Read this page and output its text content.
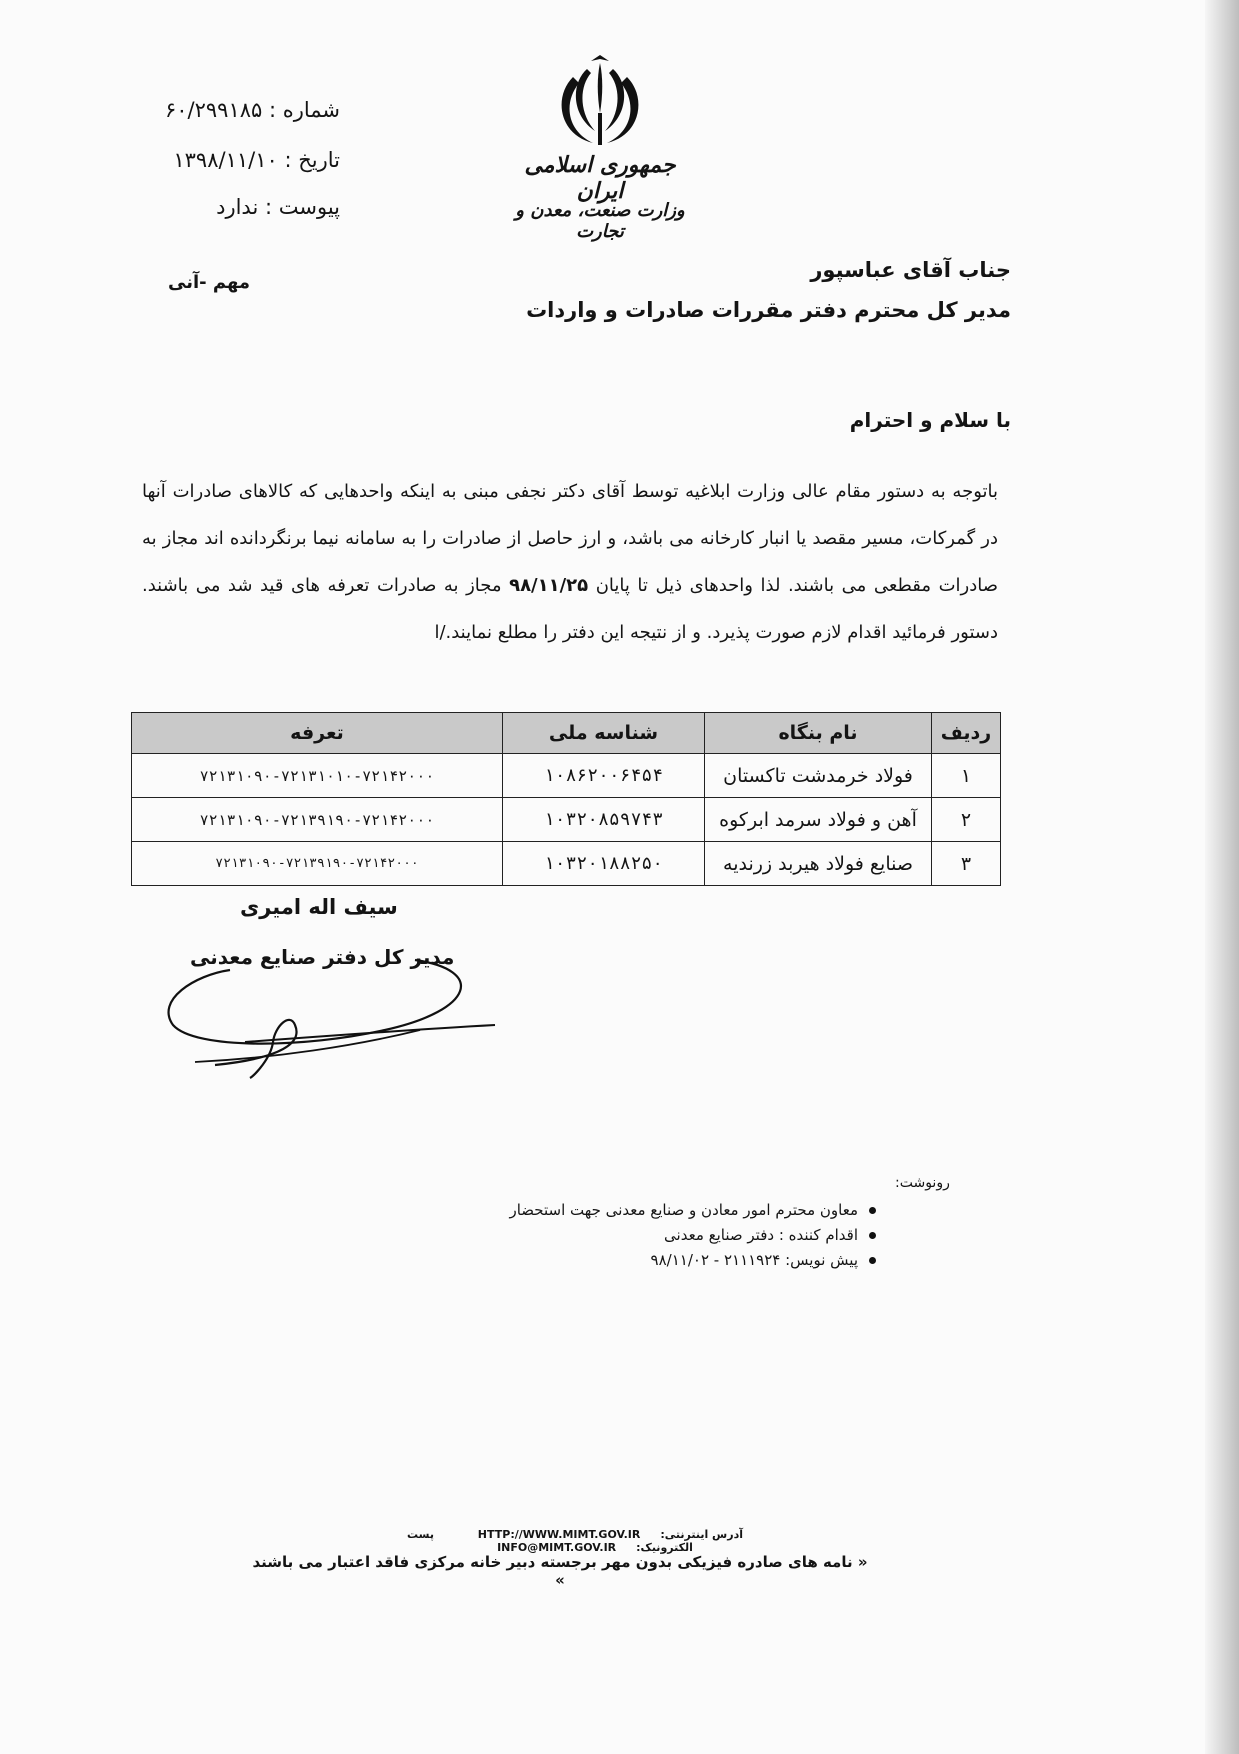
شماره : ۶۰/۲۹۹۱۸۵
تاریخ : ۱۳۹۸/۱۱/۱۰
پیوست : ندارد
مهم -آنی
جمهوری اسلامی ایران
وزارت صنعت، معدن و تجارت
جناب آقای عباسپور
مدیر کل محترم دفتر مقررات صادرات و واردات
با سلام و احترام
باتوجه به دستور مقام عالی وزارت ابلاغیه توسط آقای دکتر نجفی مبنی به اینکه واحدهایی که کالاهای صادرات آنها در گمرکات، مسیر مقصد یا انبار کارخانه می باشد، و ارز حاصل از صادرات را به سامانه نیما برنگردانده اند مجاز به صادرات مقطعی می باشند. لذا واحدهای ذیل تا پایان ۹۸/۱۱/۲۵ مجاز به صادرات تعرفه های قید شد می باشند. دستور فرمائید اقدام لازم صورت پذیرد. و از نتیجه این دفتر را مطلع نمایند./ا
ردیف	نام بنگاه	شناسه ملی	تعرفه
۱	فولاد خرمدشت تاکستان	۱۰۸۶۲۰۰۶۴۵۴	۷۲۱۳۱۰۹۰-۷۲۱۳۱۰۱۰-۷۲۱۴۲۰۰۰
۲	آهن و فولاد سرمد ابرکوه	۱۰۳۲۰۸۵۹۷۴۳	۷۲۱۳۱۰۹۰-۷۲۱۳۹۱۹۰-۷۲۱۴۲۰۰۰
۳	صنایع فولاد هیربد زرندیه	۱۰۳۲۰۱۸۸۲۵۰	۷۲۱۳۱۰۹۰-۷۲۱۳۹۱۹۰-۷۲۱۴۲۰۰۰
سیف اله امیری
مدیر کل دفتر صنایع معدنی
رونوشت:
معاون محترم امور معادن و صنایع معدنی جهت استحضار
اقدام کننده : دفتر صنایع معدنی
پیش نویس: ۲۱۱۱۹۲۴ - ۹۸/۱۱/۰۲
آدرس اینترنتی:HTTP://WWW.MIMT.GOV.IR پست الکترونیک:INFO@MIMT.GOV.IR
« نامه های صادره فیزیکی بدون مهر برجسته دبیر خانه مرکزی فاقد اعتبار می باشند »
